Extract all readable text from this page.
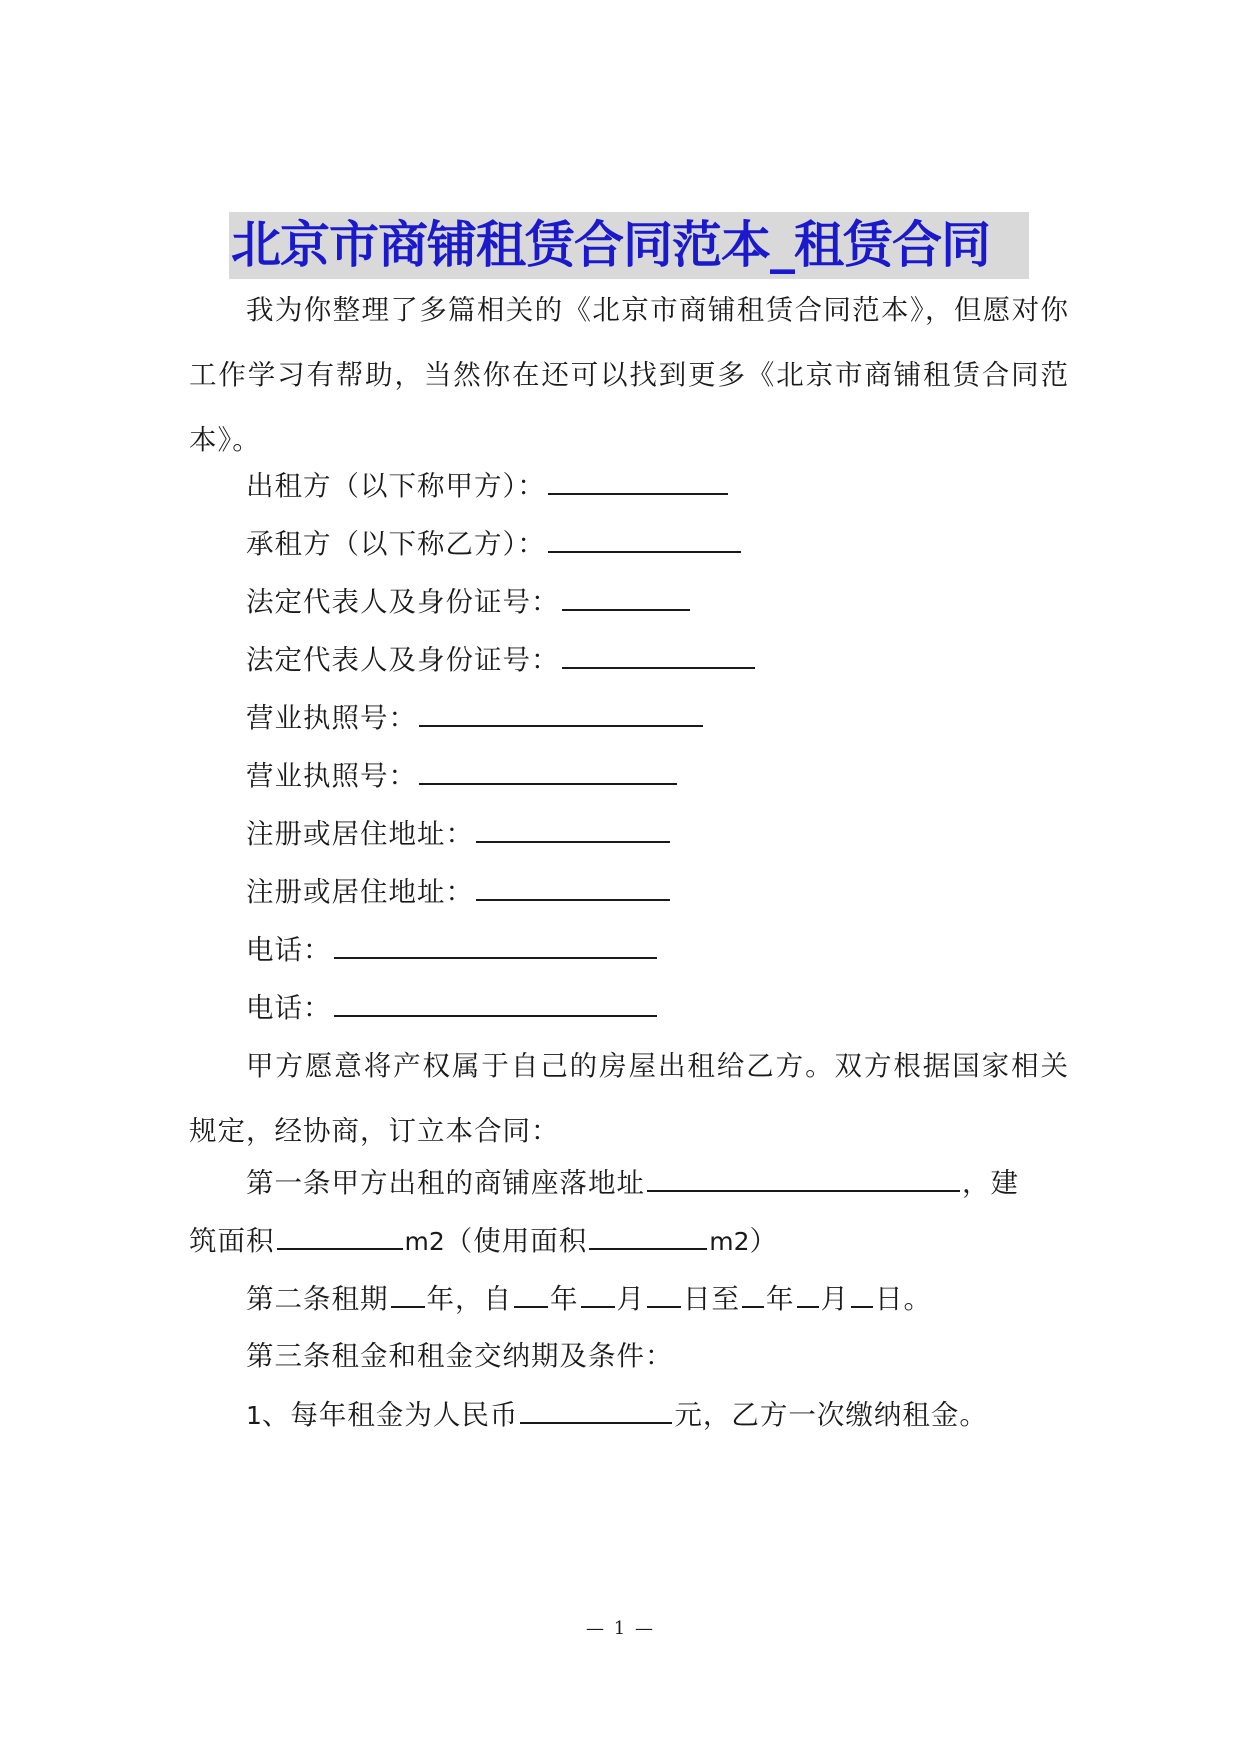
北京市商铺租赁合同范本_租赁合同
我为你整理了多篇相关的《北京市商铺租赁合同范本》，但愿对你工作学习有帮助，当然你在还可以找到更多《北京市商铺租赁合同范本》。
出租方（以下称甲方）：
承租方（以下称乙方）：
法定代表人及身份证号：
法定代表人及身份证号：
营业执照号：
营业执照号：
注册或居住地址：
注册或居住地址：
电话：
电话：
甲方愿意将产权属于自己的房屋出租给乙方。双方根据国家相关规定，经协商，订立本合同：
第一条甲方出租的商铺座落地址	，建
筑面积	m2（使用面积	m2）
第二条租期 年，自 年 月 日至 年 月 日。
第三条租金和租金交纳期及条件：
1、每年租金为人民币	元，乙方一次缴纳租金。
— 1 —
